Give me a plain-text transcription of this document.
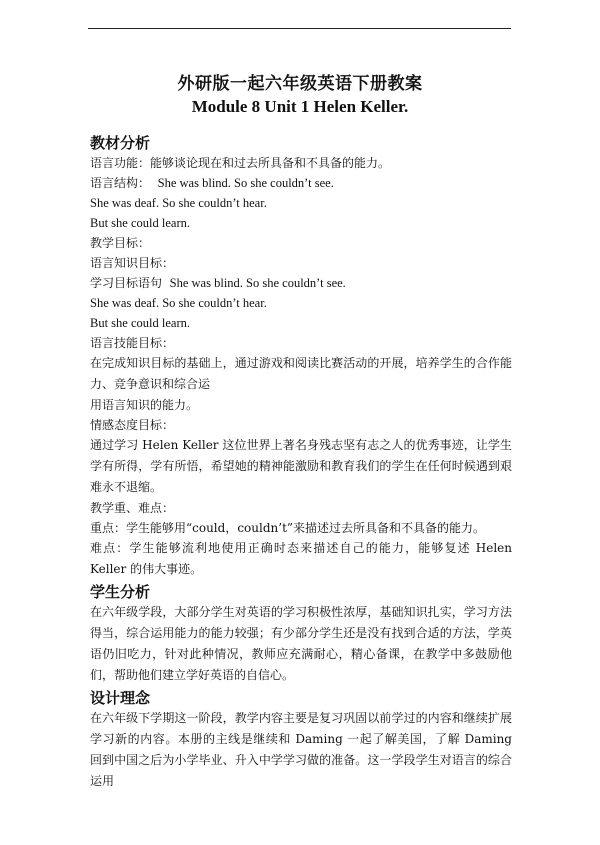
外研版一起六年级英语下册教案
Module 8 Unit 1 Helen Keller.
教材分析
语言功能：能够谈论现在和过去所具备和不具备的能力。
语言结构： She was blind. So she couldn’t see.
She was deaf. So she couldn’t hear.
But she could learn.
教学目标：
语言知识目标：
学习目标语句 She was blind. So she couldn’t see.
She was deaf. So she couldn’t hear.
But she could learn.
语言技能目标：
在完成知识目标的基础上，通过游戏和阅读比赛活动的开展，培养学生的合作能力、竞争意识和综合运
用语言知识的能力。
情感态度目标：
通过学习 Helen Keller 这位世界上著名身残志坚有志之人的优秀事迹，让学生学有所得，学有所悟，希望她的精神能激励和教育我们的学生在任何时候遇到艰难永不退缩。
教学重、难点：
重点：学生能够用“could，couldn’t”来描述过去所具备和不具备的能力。
难点：学生能够流利地使用正确时态来描述自己的能力，能够复述 Helen Keller 的伟大事迹。
学生分析
在六年级学段，大部分学生对英语的学习积极性浓厚，基础知识扎实，学习方法得当，综合运用能力的能力较强；有少部分学生还是没有找到合适的方法，学英语仍旧吃力，针对此种情况，教师应充满耐心，精心备课，在教学中多鼓励他们，帮助他们建立学好英语的自信心。
设计理念
在六年级下学期这一阶段，教学内容主要是复习巩固以前学过的内容和继续扩展学习新的内容。本册的主线是继续和 Daming 一起了解美国，了解 Daming 回到中国之后为小学毕业、升入中学学习做的准备。这一学段学生对语言的综合运用
